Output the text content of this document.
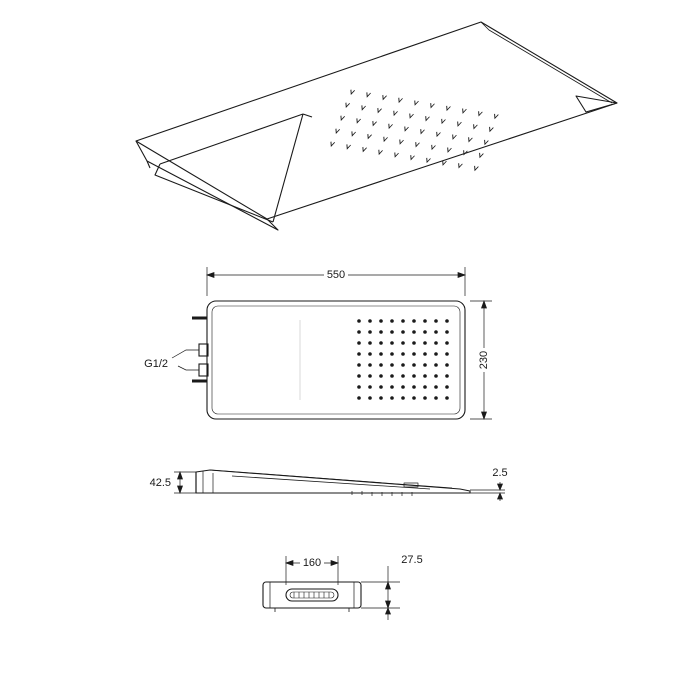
550
230
G1/2
42.5
2.5
160	27.5
